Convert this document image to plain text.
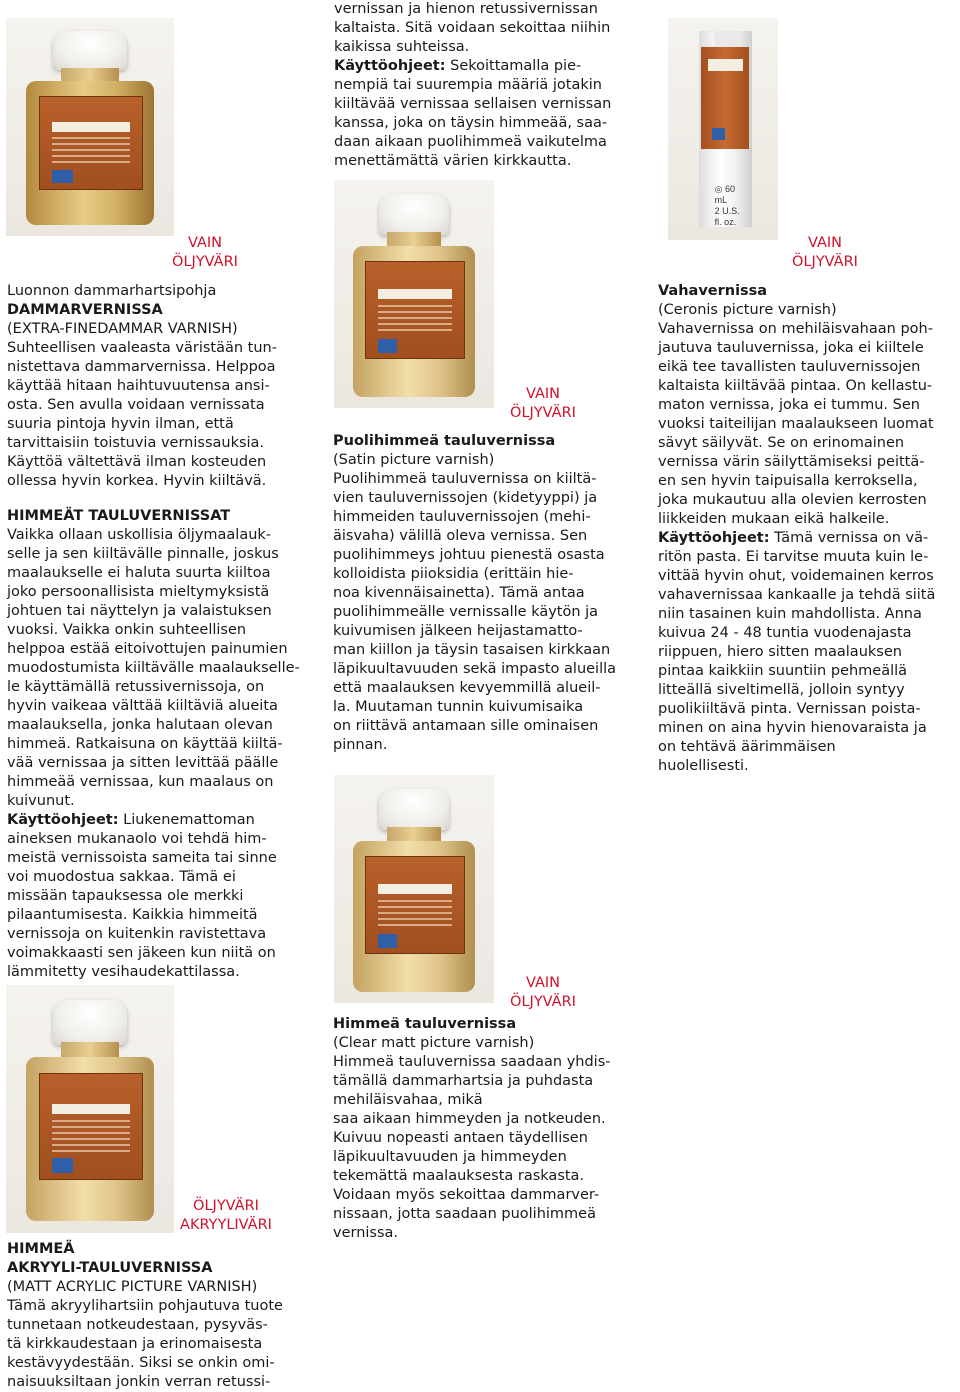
◎ 60 mL
2 U.S. fl. oz.
vernissan ja hienon retussivernissan
kaltaista. Sitä voidaan sekoittaa niihin
kaikissa suhteissa.
Käyttöohjeet: Sekoittamalla pie-
nempiä tai suurempia määriä jotakin
kiiltävää vernissaa sellaisen vernissan
kanssa, joka on täysin himmeää, saa-
daan aikaan puolihimmeä vaikutelma
menettämättä värien kirkkautta.
VAIN
ÖLJYVÄRI
VAIN
ÖLJYVÄRI
VAIN
ÖLJYVÄRI
VAIN
ÖLJYVÄRI
ÖLJYVÄRI
AKRYYLIVÄRI
Luonnon dammarhartsipohja
DAMMARVERNISSA
(EXTRA-FINEDAMMAR VARNISH)
Suhteellisen vaaleasta väristään tun-
nistettava dammarvernissa. Helppoa
käyttää hitaan haihtuvuutensa ansi-
osta. Sen avulla voidaan vernissata
suuria pintoja hyvin ilman, että
tarvittaisiin toistuvia vernissauksia.
Käyttöä vältettävä ilman kosteuden
ollessa hyvin korkea. Hyvin kiiltävä.
HIMMEÄT TAULUVERNISSAT
Vaikka ollaan uskollisia öljymaalauk-
selle ja sen kiiltävälle pinnalle, joskus
maalaukselle ei haluta suurta kiiltoa
joko persoonallisista mieltymyksistä
johtuen tai näyttelyn ja valaistuksen
vuoksi. Vaikka onkin suhteellisen
helppoa estää eitoivottujen painumien
muodostumista kiiltävälle maalaukselle-
le käyttämällä retussivernissoja, on
hyvin vaikeaa välttää kiiltäviä alueita
maalauksella, jonka halutaan olevan
himmeä. Ratkaisuna on käyttää kiiltä-
vää vernissaa ja sitten levittää päälle
himmeää vernissaa, kun maalaus on
kuivunut.
Käyttöohjeet: Liukenemattoman
aineksen mukanaolo voi tehdä him-
meistä vernissoista sameita tai sinne
voi muodostua sakkaa. Tämä ei
missään tapauksessa ole merkki
pilaantumisesta. Kaikkia himmeitä
vernissoja on kuitenkin ravistettava
voimakkaasti sen jäkeen kun niitä on
lämmitetty vesihaudekattilassa.
HIMMEÄ
AKRYYLI-TAULUVERNISSA
(MATT ACRYLIC PICTURE VARNISH)
Tämä akryylihartsiin pohjautuva tuote
tunnetaan notkeudestaan, pysyväs-
tä kirkkaudestaan ja erinomaisesta
kestävyydestään. Siksi se onkin omi-
naisuuksiltaan jonkin verran retussi-
Puolihimmeä tauluvernissa
(Satin picture varnish)
Puolihimmeä tauluvernissa on kiiltä-
vien tauluvernissojen (kidetyyppi) ja
himmeiden tauluvernissojen (mehi-
äisvaha) välillä oleva vernissa. Sen
puolihimmeys johtuu pienestä osasta
kolloidista piioksidia (erittäin hie-
noa kivennäisainetta). Tämä antaa
puolihimmeälle vernissalle käytön ja
kuivumisen jälkeen heijastamatto-
man kiillon ja täysin tasaisen kirkkaan
läpikuultavuuden sekä impasto alueilla
että maalauksen kevyemmillä alueil-
la. Muutaman tunnin kuivumisaika
on riittävä antamaan sille ominaisen
pinnan.
Himmeä tauluvernissa
(Clear matt picture varnish)
Himmeä tauluvernissa saadaan yhdis-
tämällä dammarhartsia ja puhdasta
mehiläisvahaa, mikä
saa aikaan himmeyden ja notkeuden.
Kuivuu nopeasti antaen täydellisen
läpikuultavuuden ja himmeyden
tekemättä maalauksesta raskasta.
Voidaan myös sekoittaa dammarver-
nissaan, jotta saadaan puolihimmeä
vernissa.
Vahavernissa
(Ceronis picture varnish)
Vahavernissa on mehiläisvahaan poh-
jautuva tauluvernissa, joka ei kiiltele
eikä tee tavallisten tauluvernissojen
kaltaista kiiltävää pintaa. On kellastu-
maton vernissa, joka ei tummu. Sen
vuoksi taiteilijan maalaukseen luomat
sävyt säilyvät. Se on erinomainen
vernissa värin säilyttämiseksi peittä-
en sen hyvin taipuisalla kerroksella,
joka mukautuu alla olevien kerrosten
liikkeiden mukaan eikä halkeile.
Käyttöohjeet: Tämä vernissa on vä-
ritön pasta. Ei tarvitse muuta kuin le-
vittää hyvin ohut, voidemainen kerros
vahavernissaa kankaalle ja tehdä siitä
niin tasainen kuin mahdollista. Anna
kuivua 24 - 48 tuntia vuodenajasta
riippuen, hiero sitten maalauksen
pintaa kaikkiin suuntiin pehmeällä
litteällä siveltimellä, jolloin syntyy
puolikiiltävä pinta. Vernissan poista-
minen on aina hyvin hienovaraista ja
on tehtävä äärimmäisen
huolellisesti.
